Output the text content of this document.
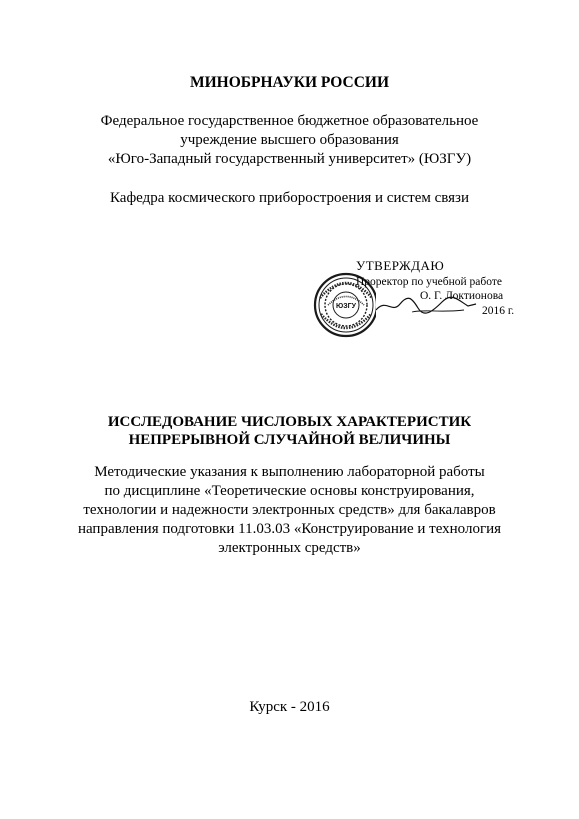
МИНОБРНАУКИ РОССИИ
Федеральное государственное бюджетное образовательное
учреждение высшего образования
«Юго-Западный государственный университет» (ЮЗГУ)
Кафедра космического приборостроения и систем связи
ЮЗГУ
УТВЕРЖДАЮ
Проректор по учебной работе
О. Г. Локтионова
2016 г.
ИССЛЕДОВАНИЕ ЧИСЛОВЫХ ХАРАКТЕРИСТИК
НЕПРЕРЫВНОЙ СЛУЧАЙНОЙ ВЕЛИЧИНЫ
Методические указания к выполнению лабораторной работы
по дисциплине «Теоретические основы конструирования,
технологии и надежности электронных средств» для бакалавров
направления подготовки 11.03.03 «Конструирование и технология
электронных средств»
Курск - 2016
